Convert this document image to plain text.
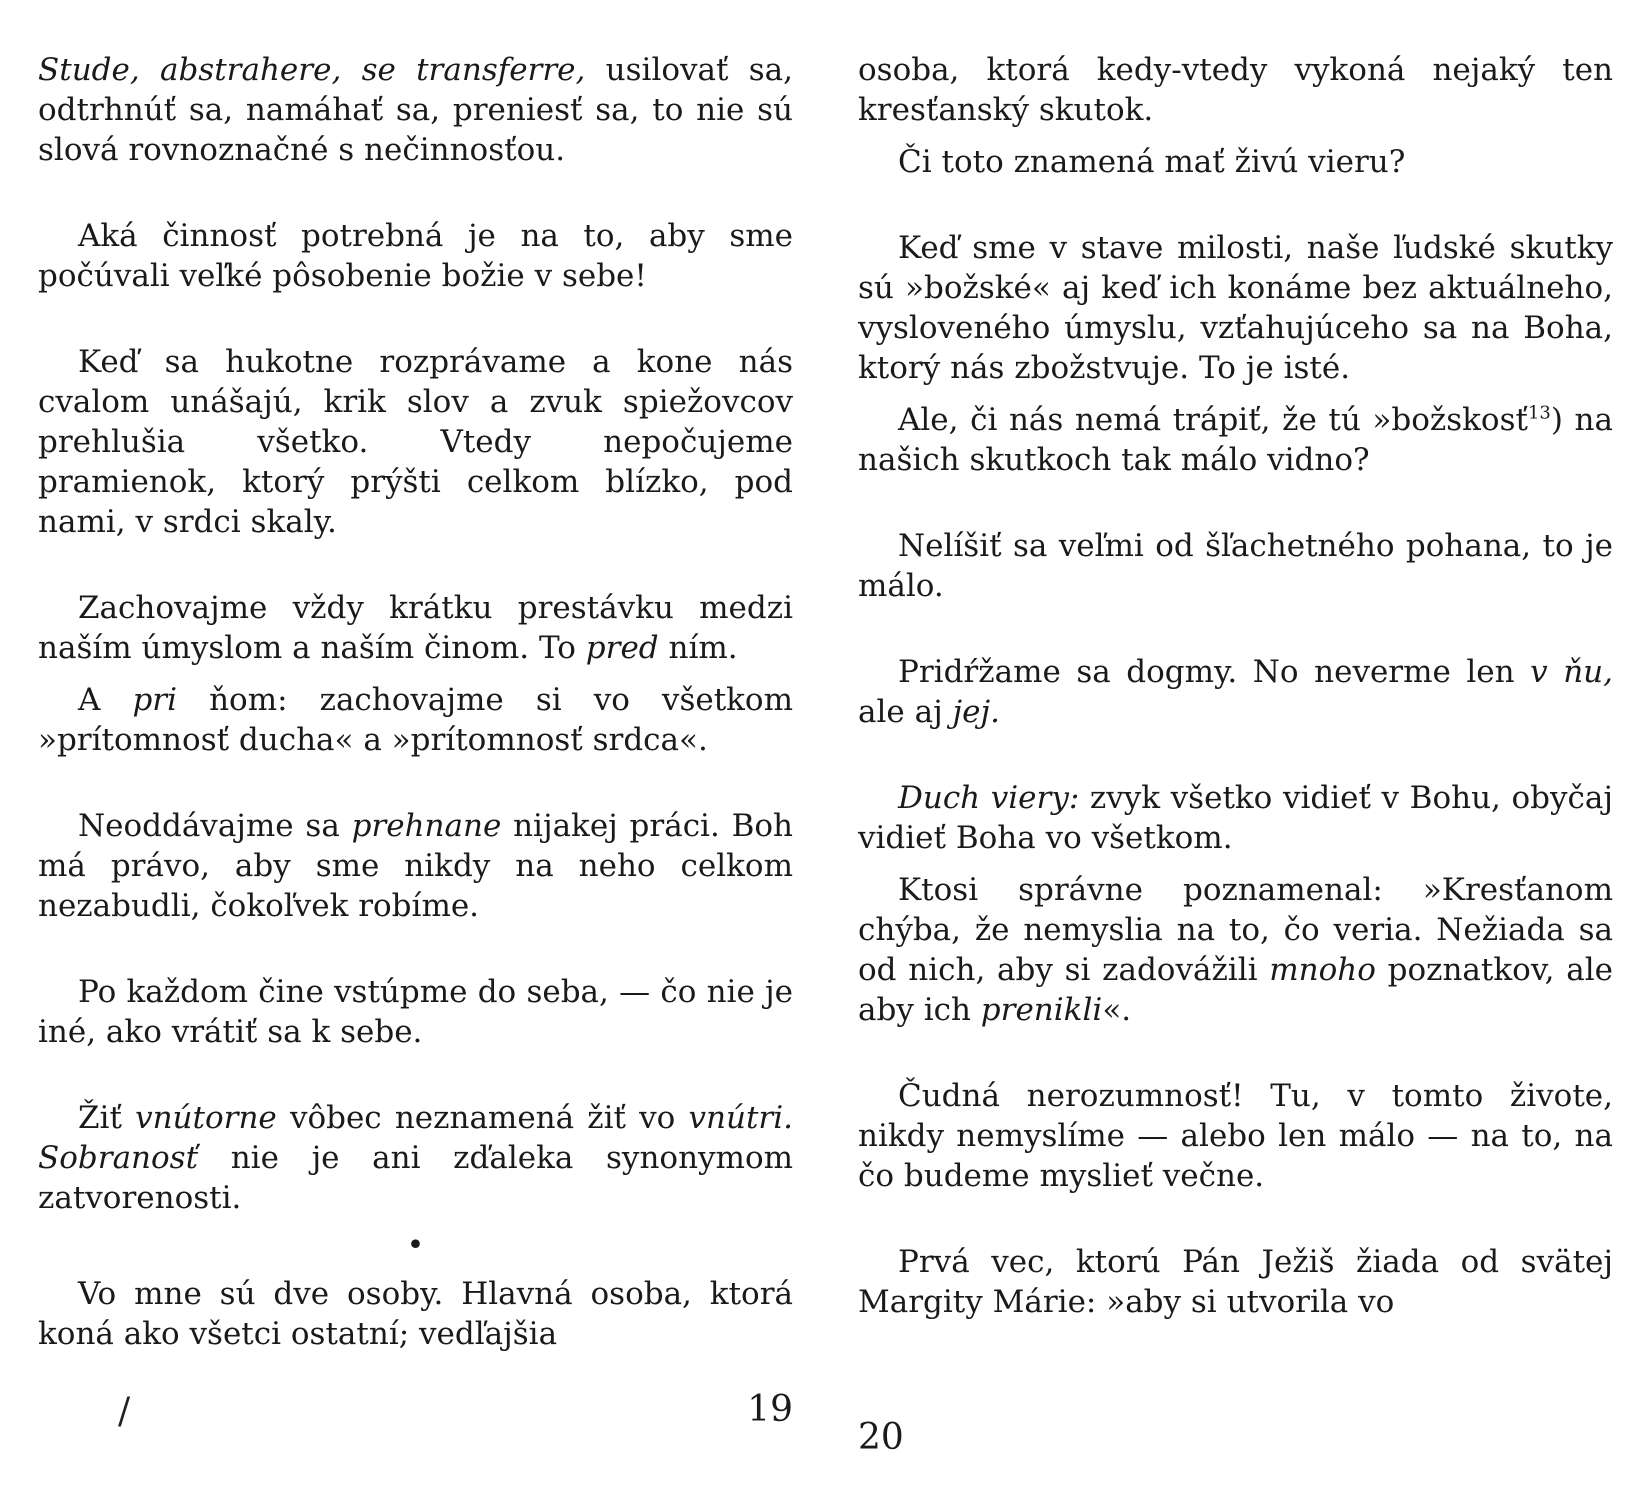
Stude, abstrahere, se transferre, usilovať sa, odtrhnúť sa, namáhať sa, preniesť sa, to nie sú slová rovnoznačné s nečinnosťou.

Aká činnosť potrebná je na to, aby sme počúvali veľké pôsobenie božie v sebe!

Keď sa hukotne rozprávame a kone nás cvalom unášajú, krik slov a zvuk spiežovcov prehlušia všetko. Vtedy nepočujeme pramienok, ktorý prýšti celkom blízko, pod nami, v srdci skaly.

Zachovajme vždy krátku prestávku medzi naším úmyslom a naším činom. To pred ním.

A pri ňom: zachovajme si vo všetkom »prítomnosť ducha« a »prítomnosť srdca«.

Neoddávajme sa prehnane nijakej práci. Boh má právo, aby sme nikdy na neho celkom nezabudli, čokoľvek robíme.

Po každom čine vstúpme do seba, — čo nie je iné, ako vrátiť sa k sebe.

Žiť vnútorne vôbec neznamená žiť vo vnútri. Sobranosť nie je ani zďaleka synonymom zatvorenosti.

•

Vo mne sú dve osoby. Hlavná osoba, ktorá koná ako všetci ostatní; vedľajšia

/	19

osoba, ktorá kedy-vtedy vykoná nejaký ten kresťanský skutok.

Či toto znamená mať živú vieru?

Keď sme v stave milosti, naše ľudské skutky sú »božské« aj keď ich konáme bez aktuálneho, vysloveného úmyslu, vzťahujúceho sa na Boha, ktorý nás zbožstvuje. To je isté.

Ale, či nás nemá trápiť, že tú »božskosť$^{13}$) na našich skutkoch tak málo vidno?

Nelíšiť sa veľmi od šľachetného pohana, to je málo.

Pridŕžame sa dogmy. No neverme len v ňu, ale aj jej.

Duch viery: zvyk všetko vidieť v Bohu, obyčaj vidieť Boha vo všetkom.

Ktosi správne poznamenal: »Kresťanom chýba, že nemyslia na to, čo veria. Nežiada sa od nich, aby si zadovážili mnoho poznatkov, ale aby ich prenikli«.

Čudná nerozumnosť! Tu, v tomto živote, nikdy nemyslíme — alebo len málo — na to, na čo budeme myslieť večne.

Prvá vec, ktorú Pán Ježiš žiada od svätej Margity Márie: »aby si utvorila vo

20
